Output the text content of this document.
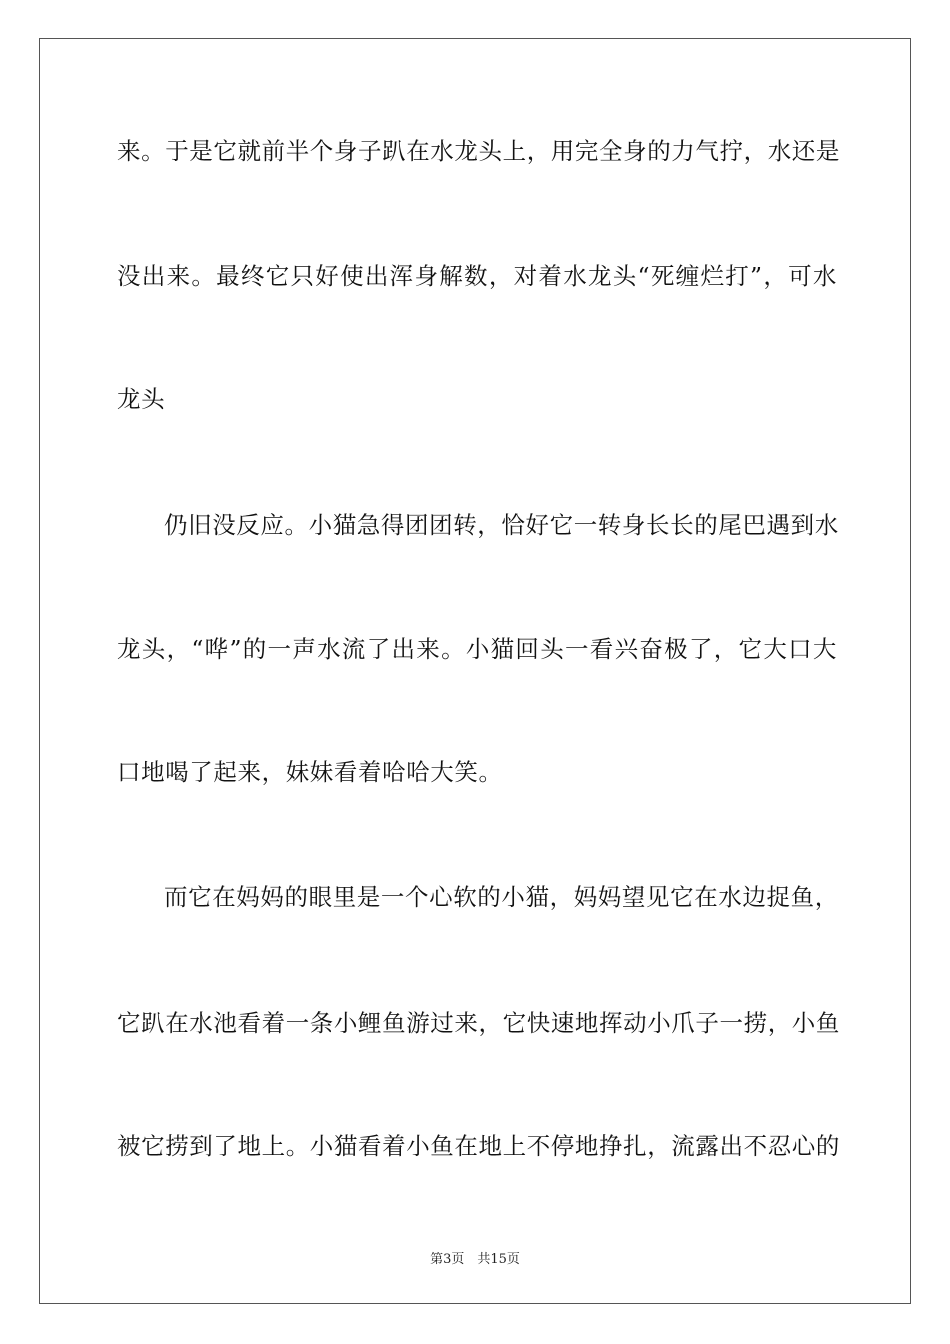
来。于是它就前半个身子趴在水龙头上，用完全身的力气拧，水还是
没出来。最终它只好使出浑身解数，对着水龙头“死缠烂打”，可水
龙头
仍旧没反应。小猫急得团团转，恰好它一转身长长的尾巴遇到水
龙头，“哗”的一声水流了出来。小猫回头一看兴奋极了，它大口大
口地喝了起来，妹妹看着哈哈大笑。
而它在妈妈的眼里是一个心软的小猫，妈妈望见它在水边捉鱼，
它趴在水池看着一条小鲤鱼游过来，它快速地挥动小爪子一捞，小鱼
被它捞到了地上。小猫看着小鱼在地上不停地挣扎，流露出不忍心的
第3页　共15页
